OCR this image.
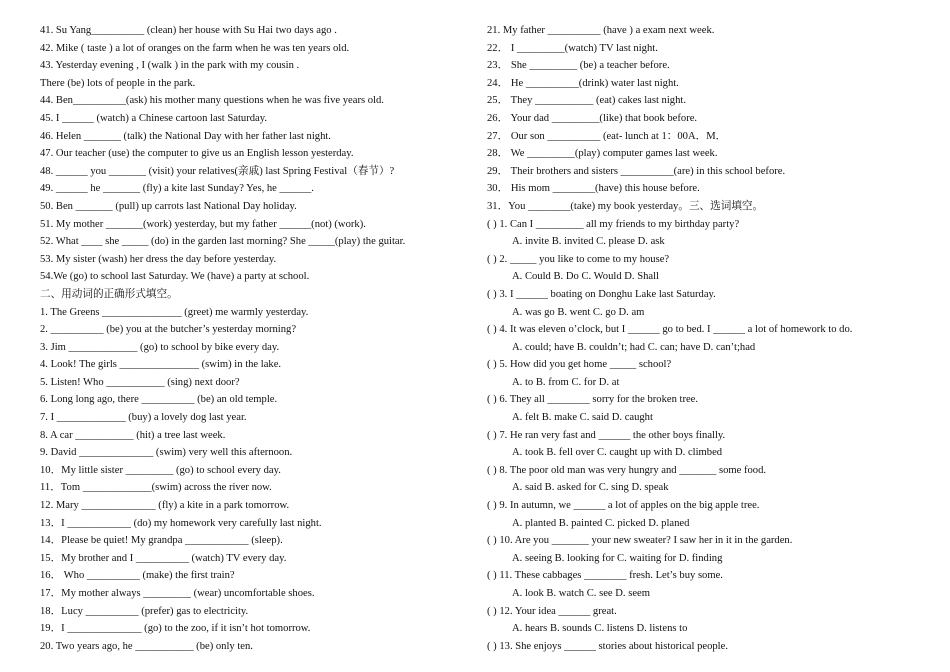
41. Su Yang__________ (clean) her house with Su Hai two days ago .
42. Mike ( taste ) a lot of oranges on the farm when he was ten years old.
43. Yesterday evening , I (walk ) in the park with my cousin .
There (be) lots of people in the park.
44. Ben__________(ask) his mother many questions when he was five years old.
45. I ______ (watch) a Chinese cartoon last Saturday.
46. Helen _______ (talk) the National Day with her father last night.
47. Our teacher (use) the computer to give us an English lesson yesterday.
48. ______ you _______ (visit) your relatives(亲戚) last Spring Festival（春节）?
49. ______ he _______ (fly) a kite last Sunday? Yes, he ______.
50. Ben _______ (pull) up carrots last National Day holiday.
51. My mother _______(work) yesterday, but my father ______(not) (work).
52. What ____ she _____ (do) in the garden last morning? She _____(play) the guitar.
53. My sister (wash) her dress the day before yesterday.
54.We (go) to school last Saturday. We (have) a party at school.
二、用动词的正确形式填空。
1. The Greens _______________ (greet) me warmly yesterday.
2. __________ (be) you at the butcher’s yesterday morning?
3. Jim _____________ (go) to school by bike every day.
4. Look! The girls _______________ (swim) in the lake.
5. Listen! Who ___________ (sing) next door?
6. Long long ago, there __________ (be) an old temple.
7. I _____________ (buy) a lovely dog last year.
8. A car ___________ (hit) a tree last week.
9. David ______________ (swim) very well this afternoon.
10．My little sister _________ (go) to school every day.
11．Tom _____________(swim) across the river now.
12. Mary ______________ (fly) a kite in a park tomorrow.
13．I ____________ (do) my homework very carefully last night.
14．Please be quiet! My grandpa ____________ (sleep).
15．My brother and I __________ (watch) TV every day.
16． Who __________ (make) the first train?
17．My mother always _________ (wear) uncomfortable shoes.
18．Lucy __________ (prefer) gas to electricity.
19．I ______________ (go) to the zoo, if it isn’t hot tomorrow.
20. Two years ago, he ___________ (be) only ten.
21. My father __________ (have ) a exam next week.
22． I _________(watch) TV last night.
23． She _________ (be) a teacher before.
24． He __________(drink) water last night.
25． They ___________ (eat) cakes last night.
26． Your dad _________(like) that book before.
27． Our son __________ (eat- lunch at 1：00A．M．
28． We _________(play) computer games last week.
29． Their brothers and sisters __________(are) in this school before.
30． His mom ________(have) this house before.
31．You ________(take) my book yesterday。三、选词填空。
( ) 1. Can I _________ all my friends to my birthday party?
A. invite B. invited C. please D. ask
( ) 2. _____ you like to come to my house?
A. Could B. Do C. Would D. Shall
( ) 3. I ______ boating on Donghu Lake last Saturday.
A. was go B. went C. go D. am
( ) 4. It was eleven o’clock, but I ______ go to bed. I ______ a lot of homework to do.
A. could; have B. couldn’t; had C. can; have D. can’t;had
( ) 5. How did you get home _____ school?
A. to B. from C. for D. at
( ) 6. They all ________ sorry for the broken tree.
A. felt B. make C. said D. caught
( ) 7. He ran very fast and ______ the other boys finally.
A. took B. fell over C. caught up with D. climbed
( ) 8. The poor old man was very hungry and _______ some food.
A. said B. asked for C. sing D. speak
( ) 9. In autumn, we ______ a lot of apples on the big apple tree.
A. planted B. painted C. picked D. planed
( ) 10. Are you _______ your new sweater? I saw her in it in the garden.
A. seeing B. looking for C. waiting for D. finding
( ) 11. These cabbages ________ fresh. Let’s buy some.
A. look B. watch C. see D. seem
( ) 12. Your idea ______ great.
A. hears B. sounds C. listens D. listens to
( ) 13. She enjoys ______ stories about historical people.
